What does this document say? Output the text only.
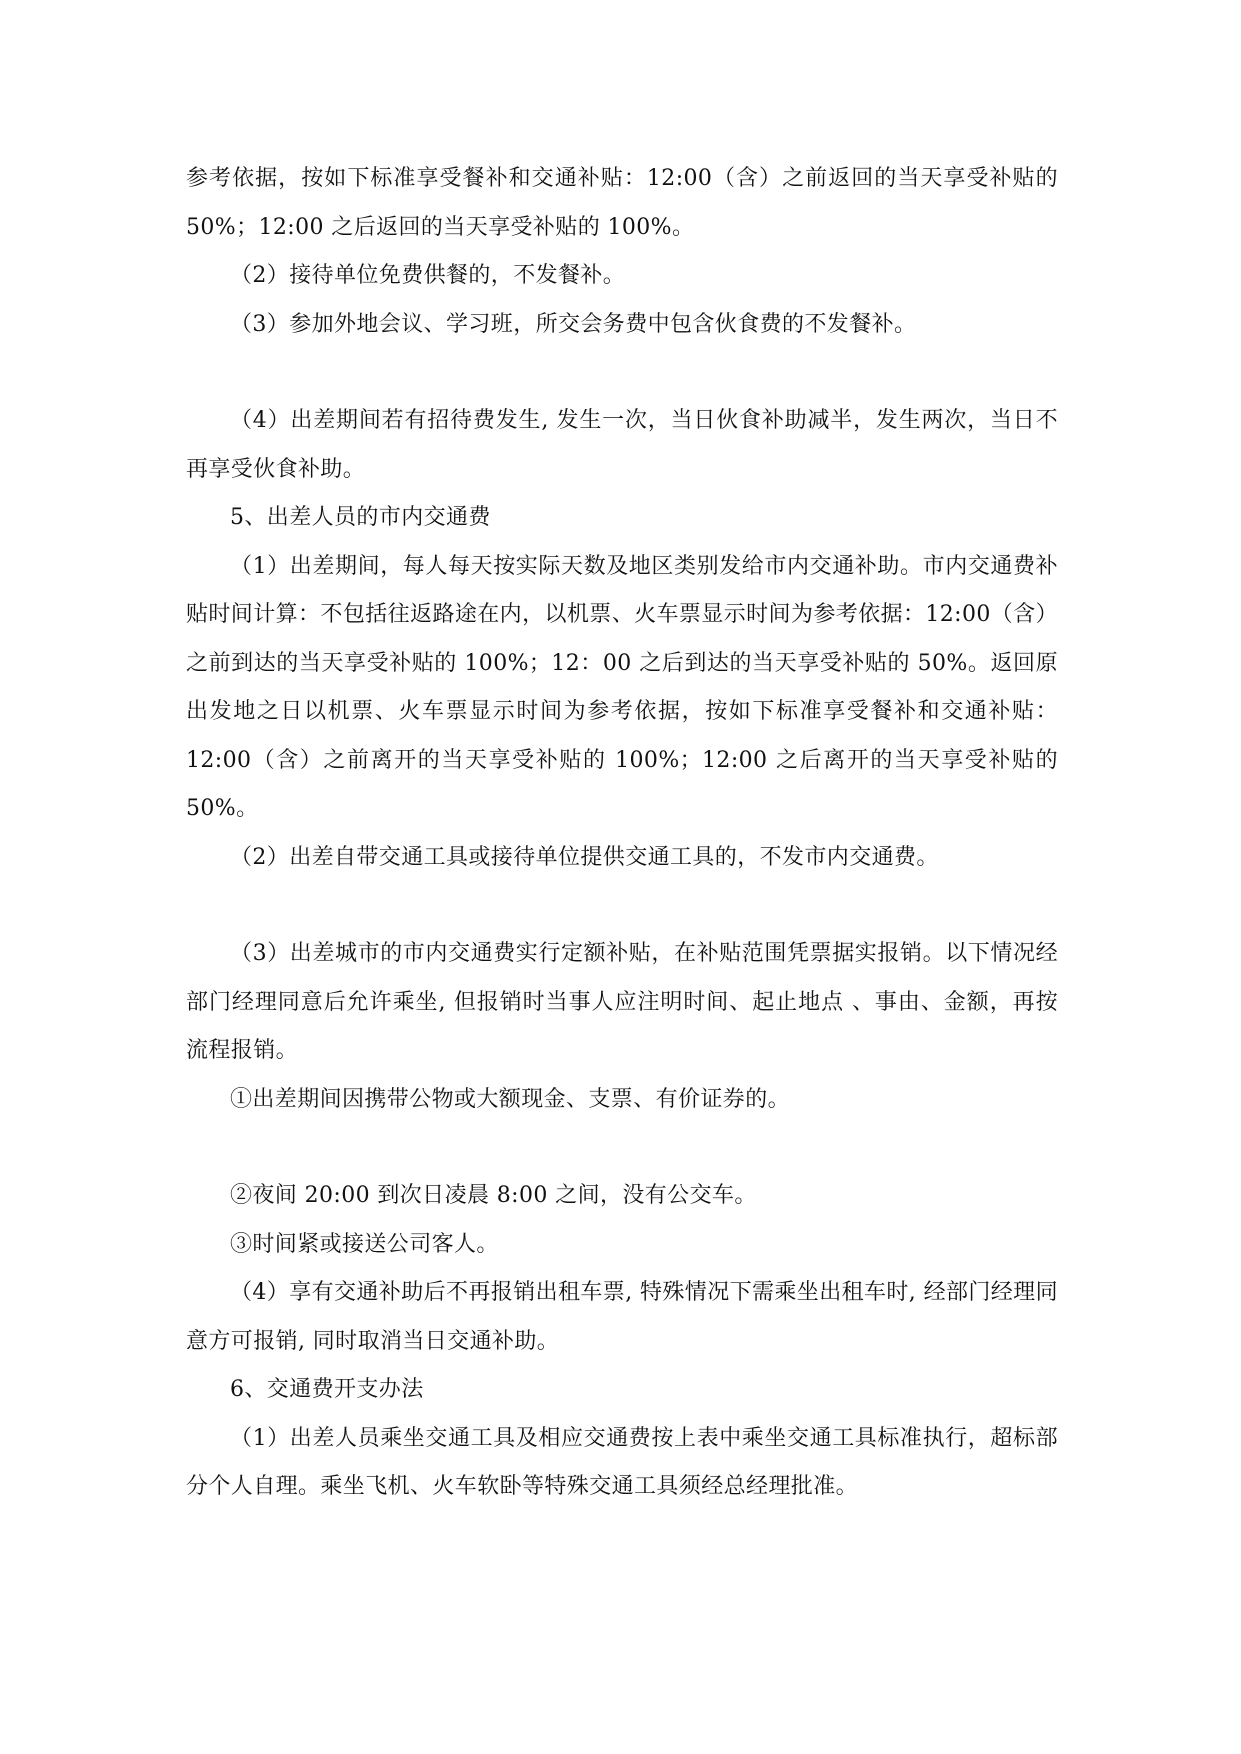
参考依据，按如下标准享受餐补和交通补贴：12:00（含）之前返回的当天享受补贴的 50%；12:00 之后返回的当天享受补贴的 100%。

（2）接待单位免费供餐的，不发餐补。

（3）参加外地会议、学习班，所交会务费中包含伙食费的不发餐补。

（4）出差期间若有招待费发生, 发生一次，当日伙食补助减半，发生两次，当日不再享受伙食补助。

5、出差人员的市内交通费

（1）出差期间，每人每天按实际天数及地区类别发给市内交通补助。市内交通费补贴时间计算：不包括往返路途在内，以机票、火车票显示时间为参考依据：12:00（含）之前到达的当天享受补贴的 100%；12：00 之后到达的当天享受补贴的 50%。返回原出发地之日以机票、火车票显示时间为参考依据，按如下标准享受餐补和交通补贴：12:00（含）之前离开的当天享受补贴的 100%；12:00 之后离开的当天享受补贴的 50%。

（2）出差自带交通工具或接待单位提供交通工具的，不发市内交通费。

（3）出差城市的市内交通费实行定额补贴，在补贴范围凭票据实报销。以下情况经部门经理同意后允许乘坐, 但报销时当事人应注明时间、起止地点 、事由、金额，再按流程报销。

①出差期间因携带公物或大额现金、支票、有价证券的。

②夜间 20:00 到次日凌晨 8:00 之间，没有公交车。

③时间紧或接送公司客人。

（4）享有交通补助后不再报销出租车票, 特殊情况下需乘坐出租车时, 经部门经理同意方可报销, 同时取消当日交通补助。

6、交通费开支办法

（1）出差人员乘坐交通工具及相应交通费按上表中乘坐交通工具标准执行，超标部分个人自理。乘坐飞机、火车软卧等特殊交通工具须经总经理批准。
